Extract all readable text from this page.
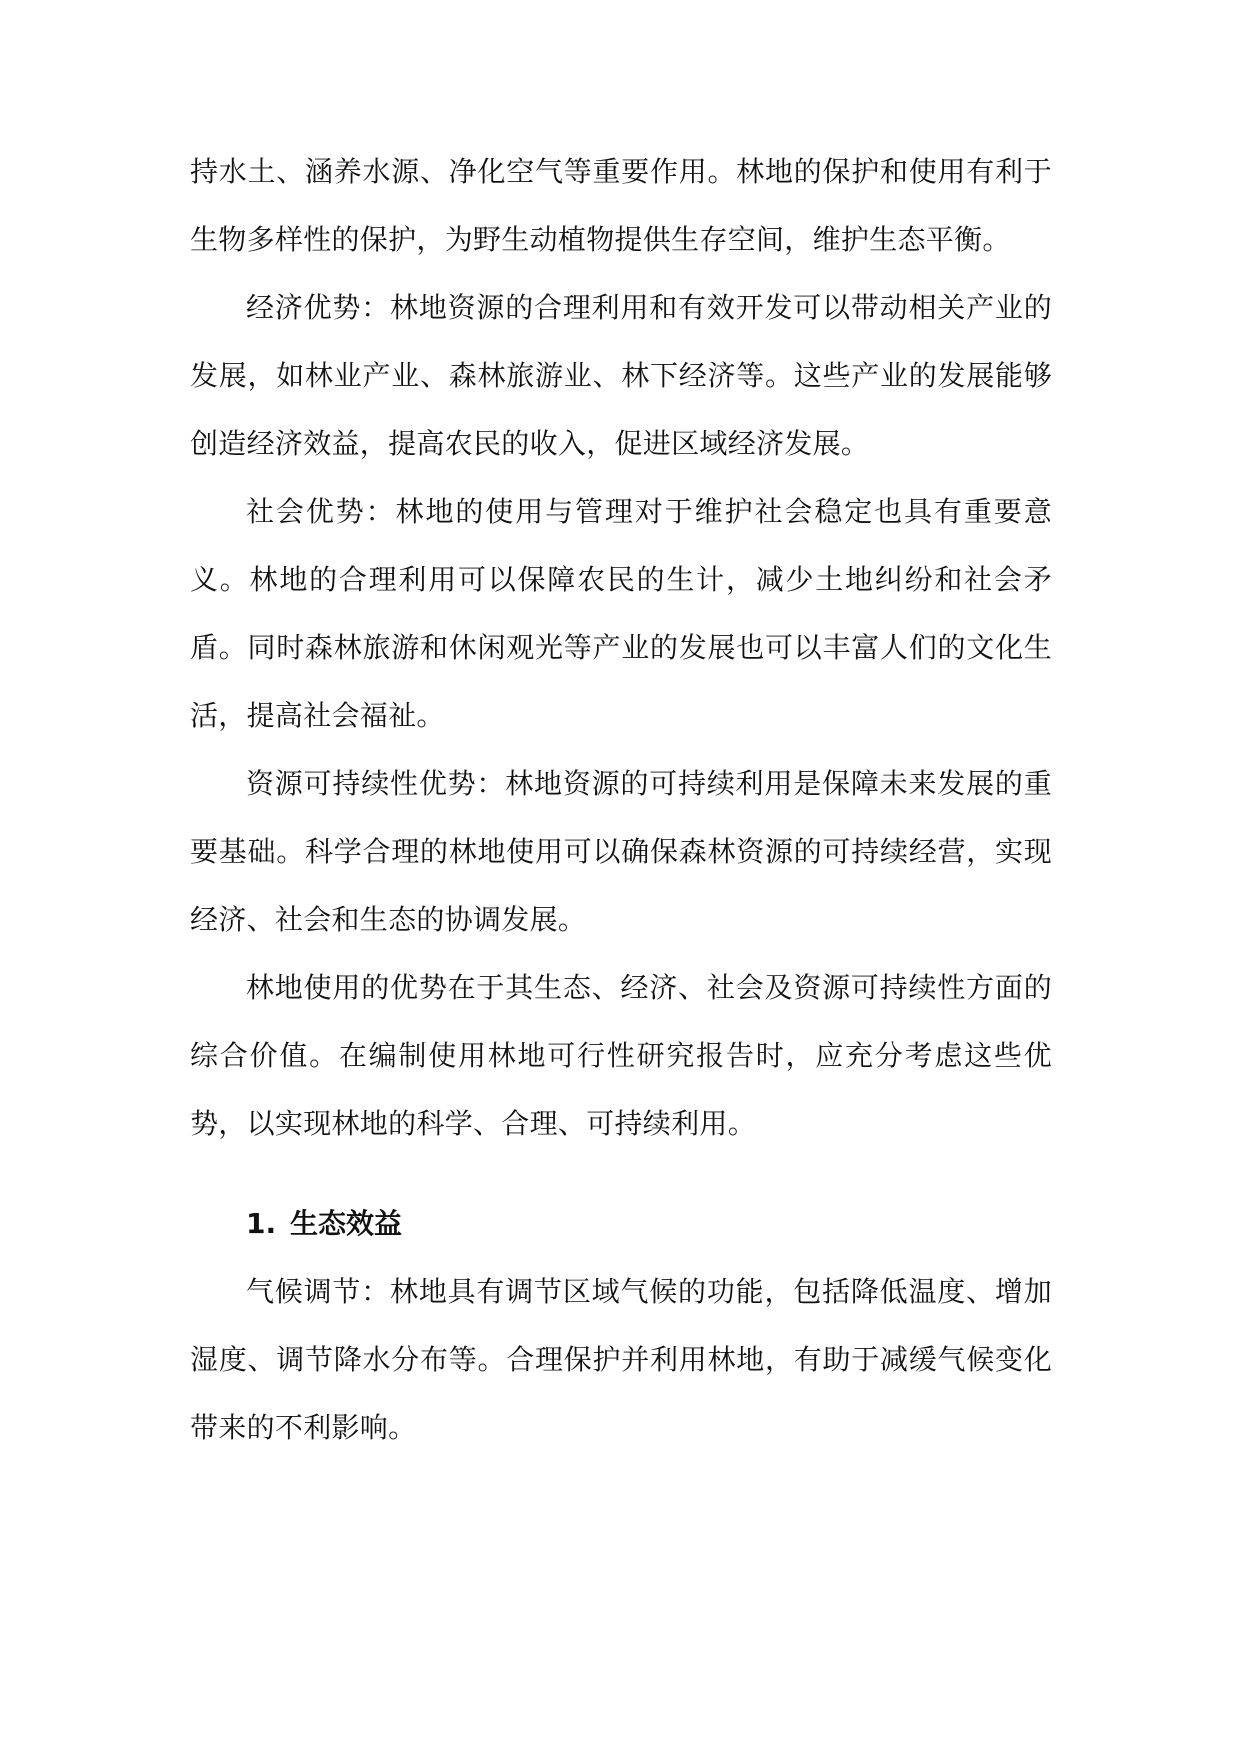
持水土、涵养水源、净化空气等重要作用。林地的保护和使用有利于生物多样性的保护，为野生动植物提供生存空间，维护生态平衡。

经济优势：林地资源的合理利用和有效开发可以带动相关产业的发展，如林业产业、森林旅游业、林下经济等。这些产业的发展能够创造经济效益，提高农民的收入，促进区域经济发展。

社会优势：林地的使用与管理对于维护社会稳定也具有重要意义。林地的合理利用可以保障农民的生计，减少土地纠纷和社会矛盾。同时森林旅游和休闲观光等产业的发展也可以丰富人们的文化生活，提高社会福祉。

资源可持续性优势：林地资源的可持续利用是保障未来发展的重要基础。科学合理的林地使用可以确保森林资源的可持续经营，实现经济、社会和生态的协调发展。

林地使用的优势在于其生态、经济、社会及资源可持续性方面的综合价值。在编制使用林地可行性研究报告时，应充分考虑这些优势，以实现林地的科学、合理、可持续利用。

1. 生态效益

气候调节：林地具有调节区域气候的功能，包括降低温度、增加湿度、调节降水分布等。合理保护并利用林地，有助于减缓气候变化带来的不利影响。
